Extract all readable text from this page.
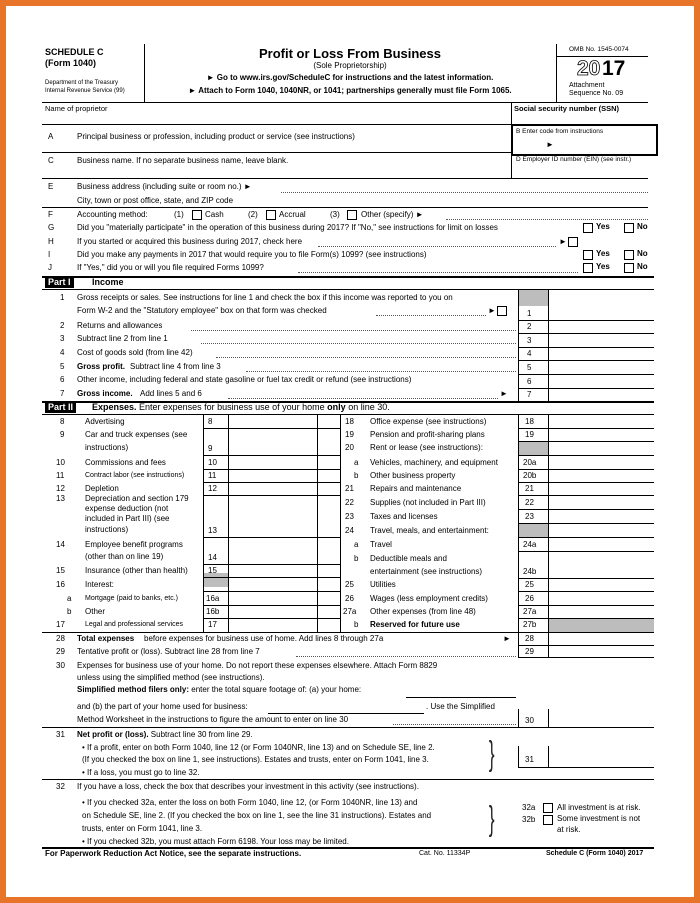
SCHEDULE C
(Form 1040)
Department of the Treasury
Internal Revenue Service (99)
Profit or Loss From Business
(Sole Proprietorship)
► Go to www.irs.gov/ScheduleC for instructions and the latest information.
► Attach to Form 1040, 1040NR, or 1041; partnerships generally must file Form 1065.
OMB No. 1545-0074
20 17
Attachment
Sequence No. 09
Name of proprietor	Social security number (SSN)
A	Principal business or profession, including product or service (see instructions)
B Enter code from instructions
►
C	Business name. If no separate business name, leave blank.	D Employer ID number (EIN) (see instr.)
E	Business address (including suite or room no.) ►
City, town or post office, state, and ZIP code
F	Accounting method:	(1)	Cash	(2)	Accrual	(3)	Other (specify) ►
G	Did you "materially participate" in the operation of this business during 2017? If "No," see instructions for limit on losses	Yes	No
H	If you started or acquired this business during 2017, check here	►
I	Did you make any payments in 2017 that would require you to file Form(s) 1099? (see instructions)	Yes	No
J	If "Yes," did you or will you file required Forms 1099?	Yes	No
Part I	Income
1 Gross receipts or sales. See instructions for line 1 and check the box if this income was reported to you on
Form W-2 and the "Statutory employee" box on that form was checked	►	1
2 Returns and allowances	2
3 Subtract line 2 from line 1	3
4 Cost of goods sold (from line 42)	4
5 Gross profit. Subtract line 4 from line 3	5
6 Other income, including federal and state gasoline or fuel tax credit or refund (see instructions)	6
7 Gross income. Add lines 5 and 6	► 7
Part II	Expenses. Enter expenses for business use of your home only on line 30.
8	Advertising	8
9	Car and truck expenses (see
instructions)	9
10	Commissions and fees	10
11	Contract labor (see instructions)	11
12	Depletion	12
13	Depreciation and section 179
expense deduction (not
included in Part III) (see
instructions)	13
14	Employee benefit programs
(other than on line 19)	14
15	Insurance (other than health)	15
16	Interest:
a Mortgage (paid to banks, etc.)	16a
b Other	16b
17	Legal and professional services	17
18 Office expense (see instructions)	18
19 Pension and profit-sharing plans	19
20 Rent or lease (see instructions):
a Vehicles, machinery, and equipment	20a
b Other business property	20b
21 Repairs and maintenance	21
22 Supplies (not included in Part III)	22
23 Taxes and licenses	23
24 Travel, meals, and entertainment:
a Travel	24a
b Deductible meals and
entertainment (see instructions)	24b
25 Utilities	25
26 Wages (less employment credits)	26
27a Other expenses (from line 48)	27a
b Reserved for future use	27b
28 Total expenses before expenses for business use of home. Add lines 8 through 27a	► 28
29 Tentative profit or (loss). Subtract line 28 from line 7	29
30 Expenses for business use of your home. Do not report these expenses elsewhere. Attach Form 8829
unless using the simplified method (see instructions).
Simplified method filers only: enter the total square footage of: (a) your home:
and (b) the part of your home used for business:	. Use the Simplified
Method Worksheet in the instructions to figure the amount to enter on line 30	30
31 Net profit or (loss). Subtract line 30 from line 29.
• If a profit, enter on both Form 1040, line 12 (or Form 1040NR, line 13) and on Schedule SE, line 2.
(If you checked the box on line 1, see instructions). Estates and trusts, enter on Form 1041, line 3.
• If a loss, you must go to line 32.	}	31
32 If you have a loss, check the box that describes your investment in this activity (see instructions).
• If you checked 32a, enter the loss on both Form 1040, line 12, (or Form 1040NR, line 13) and
on Schedule SE, line 2. (If you checked the box on line 1, see the line 31 instructions). Estates and
trusts, enter on Form 1041, line 3.
• If you checked 32b, you must attach Form 6198. Your loss may be limited.
}	32a	All investment is at risk.
32b	Some investment is not
at risk.
For Paperwork Reduction Act Notice, see the separate instructions.	Cat. No. 11334P	Schedule C (Form 1040) 2017
